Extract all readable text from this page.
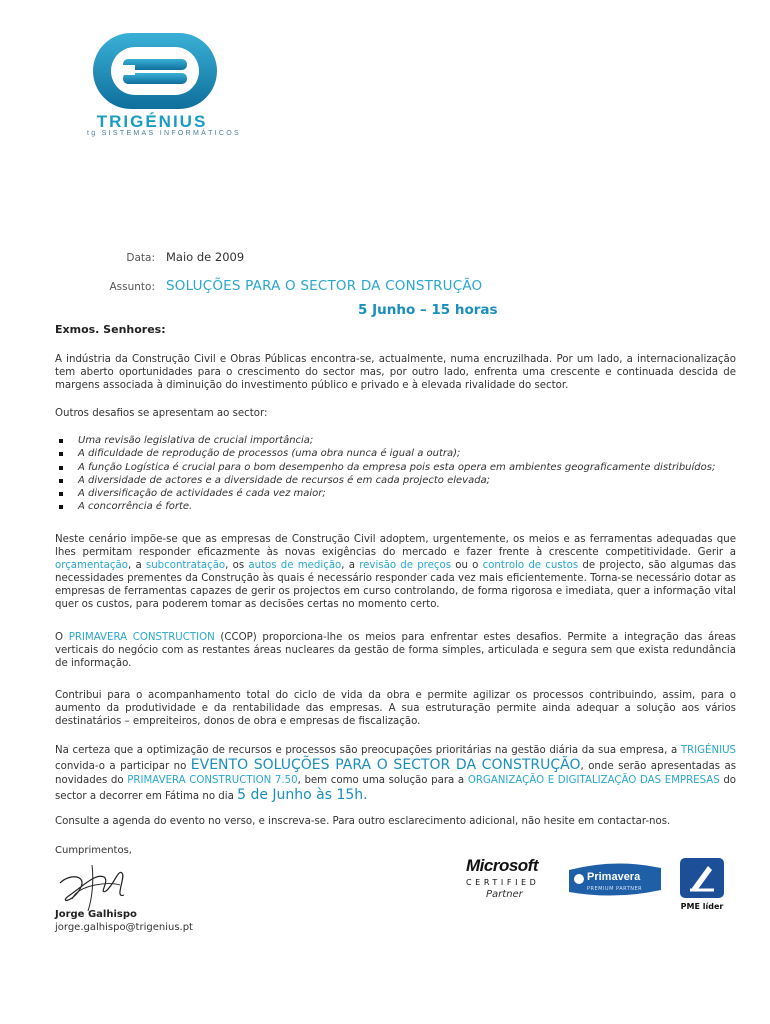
TRIGÉNIUS
tg SISTEMAS INFORMÁTICOS
Data: Maio de 2009
Assunto: SOLUÇÕES PARA O SECTOR DA CONSTRUÇÃO
5 Junho – 15 horas
Exmos. Senhores:
A indústria da Construção Civil e Obras Públicas encontra-se, actualmente, numa encruzilhada. Por um lado, a internacionalização tem aberto oportunidades para o crescimento do sector mas, por outro lado, enfrenta uma crescente e continuada descida de margens associada à diminuição do investimento público e privado e à elevada rivalidade do sector.
Outros desafios se apresentam ao sector:
Uma revisão legislativa de crucial importância;
A dificuldade de reprodução de processos (uma obra nunca é igual a outra);
A função Logística é crucial para o bom desempenho da empresa pois esta opera em ambientes geograficamente distribuídos;
A diversidade de actores e a diversidade de recursos é em cada projecto elevada;
A diversificação de actividades é cada vez maior;
A concorrência é forte.
Neste cenário impõe-se que as empresas de Construção Civil adoptem, urgentemente, os meios e as ferramentas adequadas que lhes permitam responder eficazmente às novas exigências do mercado e fazer frente à crescente competitividade. Gerir a orçamentação, a subcontratação, os autos de medição, a revisão de preços ou o controlo de custos de projecto, são algumas das necessidades prementes da Construção às quais é necessário responder cada vez mais eficientemente. Torna-se necessário dotar as empresas de ferramentas capazes de gerir os projectos em curso controlando, de forma rigorosa e imediata, quer a informação vital quer os custos, para poderem tomar as decisões certas no momento certo.
O PRIMAVERA CONSTRUCTION (CCOP) proporciona-lhe os meios para enfrentar estes desafios. Permite a integração das áreas verticais do negócio com as restantes áreas nucleares da gestão de forma simples, articulada e segura sem que exista redundância de informação.
Contribui para o acompanhamento total do ciclo de vida da obra e permite agilizar os processos contribuindo, assim, para o aumento da produtividade e da rentabilidade das empresas. A sua estruturação permite ainda adequar a solução aos vários destinatários – empreiteiros, donos de obra e empresas de fiscalização.
Na certeza que a optimização de recursos e processos são preocupações prioritárias na gestão diária da sua empresa, a TRIGÉNIUS convida-o a participar no EVENTO SOLUÇÕES PARA O SECTOR DA CONSTRUÇÃO, onde serão apresentadas as novidades do PRIMAVERA CONSTRUCTION 7.50, bem como uma solução para a ORGANIZAÇÃO E DIGITALIZAÇÃO DAS EMPRESAS do sector a decorrer em Fátima no dia 5 de Junho às 15h.
Consulte a agenda do evento no verso, e inscreva-se. Para outro esclarecimento adicional, não hesite em contactar-nos.
Cumprimentos,
Jorge Galhispo
jorge.galhispo@trigenius.pt
Microsoft
CERTIFIED
Partner
Primavera
PREMIUM PARTNER
PME líder
